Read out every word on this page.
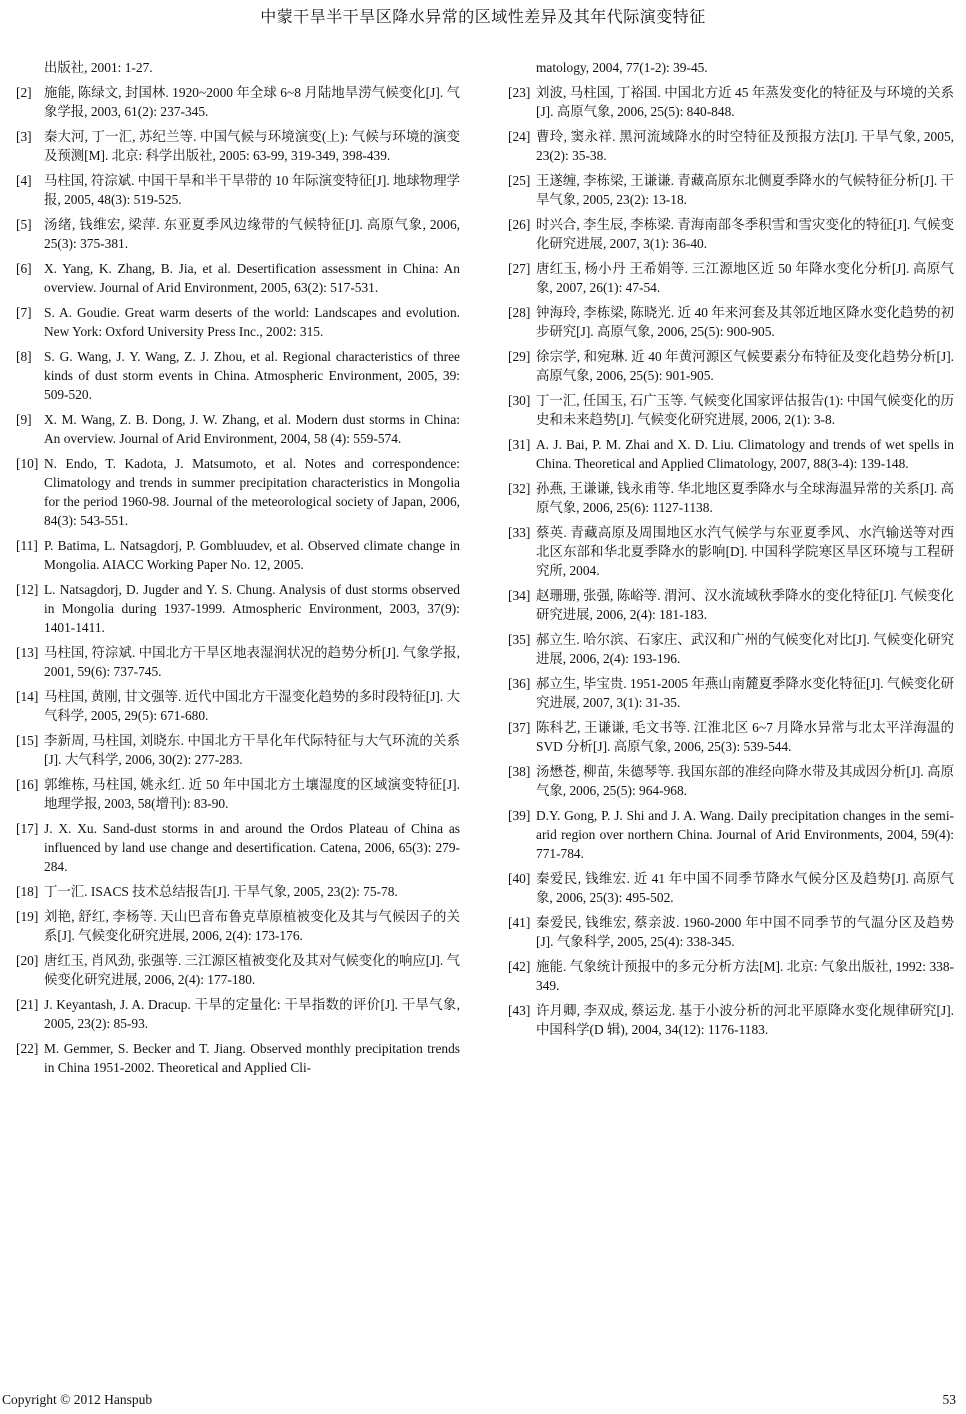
中蒙干旱半干旱区降水异常的区域性差异及其年代际演变特征
出版社, 2001: 1-27.
[2] 施能, 陈绿文, 封国林. 1920~2000 年全球 6~8 月陆地旱涝气候变化[J]. 气象学报, 2003, 61(2): 237-345.
[3] 秦大河, 丁一汇, 苏纪兰等. 中国气候与环境演变(上): 气候与环境的演变及预测[M]. 北京: 科学出版社, 2005: 63-99, 319-349, 398-439.
[4] 马柱国, 符淙斌. 中国干旱和半干旱带的 10 年际演变特征[J]. 地球物理学报, 2005, 48(3): 519-525.
[5] 汤绪, 钱维宏, 梁萍. 东亚夏季风边缘带的气候特征[J]. 高原气象, 2006, 25(3): 375-381.
[6] X. Yang, K. Zhang, B. Jia, et al. Desertification assessment in China: An overview. Journal of Arid Environment, 2005, 63(2): 517-531.
[7] S. A. Goudie. Great warm deserts of the world: Landscapes and evolution. New York: Oxford University Press Inc., 2002: 315.
[8] S. G. Wang, J. Y. Wang, Z. J. Zhou, et al. Regional characteristics of three kinds of dust storm events in China. Atmospheric Environment, 2005, 39: 509-520.
[9] X. M. Wang, Z. B. Dong, J. W. Zhang, et al. Modern dust storms in China: An overview. Journal of Arid Environment, 2004, 58 (4): 559-574.
[10] N. Endo, T. Kadota, J. Matsumoto, et al. Notes and correspondence: Climatology and trends in summer precipitation characteristics in Mongolia for the period 1960-98. Journal of the meteorological society of Japan, 2006, 84(3): 543-551.
[11] P. Batima, L. Natsagdorj, P. Gombluudev, et al. Observed climate change in Mongolia. AIACC Working Paper No. 12, 2005.
[12] L. Natsagdorj, D. Jugder and Y. S. Chung. Analysis of dust storms observed in Mongolia during 1937-1999. Atmospheric Environment, 2003, 37(9): 1401-1411.
[13] 马柱国, 符淙斌. 中国北方干旱区地表湿润状况的趋势分析[J]. 气象学报, 2001, 59(6): 737-745.
[14] 马柱国, 黄刚, 甘文强等. 近代中国北方干湿变化趋势的多时段特征[J]. 大气科学, 2005, 29(5): 671-680.
[15] 李新周, 马柱国, 刘晓东. 中国北方干旱化年代际特征与大气环流的关系[J]. 大气科学, 2006, 30(2): 277-283.
[16] 郭维栋, 马柱国, 姚永红. 近 50 年中国北方土壤湿度的区域演变特征[J]. 地理学报, 2003, 58(增刊): 83-90.
[17] J. X. Xu. Sand-dust storms in and around the Ordos Plateau of China as influenced by land use change and desertification. Catena, 2006, 65(3): 279-284.
[18] 丁一汇. ISACS 技术总结报告[J]. 干旱气象, 2005, 23(2): 75-78.
[19] 刘艳, 舒红, 李杨等. 天山巴音布鲁克草原植被变化及其与气候因子的关系[J]. 气候变化研究进展, 2006, 2(4): 173-176.
[20] 唐红玉, 肖风劲, 张强等. 三江源区植被变化及其对气候变化的响应[J]. 气候变化研究进展, 2006, 2(4): 177-180.
[21] J. Keyantash, J. A. Dracup. 干旱的定量化: 干旱指数的评价[J]. 干旱气象, 2005, 23(2): 85-93.
[22] M. Gemmer, S. Becker and T. Jiang. Observed monthly precipitation trends in China 1951-2002. Theoretical and Applied Cli-
matology, 2004, 77(1-2): 39-45.
[23] 刘波, 马柱国, 丁裕国. 中国北方近 45 年蒸发变化的特征及与环境的关系[J]. 高原气象, 2006, 25(5): 840-848.
[24] 曹玲, 窦永祥. 黑河流域降水的时空特征及预报方法[J]. 干旱气象, 2005, 23(2): 35-38.
[25] 王遂缠, 李栋梁, 王谦谦. 青藏高原东北侧夏季降水的气候特征分析[J]. 干旱气象, 2005, 23(2): 13-18.
[26] 时兴合, 李生辰, 李栋梁. 青海南部冬季积雪和雪灾变化的特征[J]. 气候变化研究进展, 2007, 3(1): 36-40.
[27] 唐红玉, 杨小丹 王希娟等. 三江源地区近 50 年降水变化分析[J]. 高原气象, 2007, 26(1): 47-54.
[28] 钟海玲, 李栋梁, 陈晓光. 近 40 年来河套及其邻近地区降水变化趋势的初步研究[J]. 高原气象, 2006, 25(5): 900-905.
[29] 徐宗学, 和宛琳. 近 40 年黄河源区气候要素分布特征及变化趋势分析[J]. 高原气象, 2006, 25(5): 901-905.
[30] 丁一汇, 任国玉, 石广玉等. 气候变化国家评估报告(1): 中国气候变化的历史和未来趋势[J]. 气候变化研究进展, 2006, 2(1): 3-8.
[31] A. J. Bai, P. M. Zhai and X. D. Liu. Climatology and trends of wet spells in China. Theoretical and Applied Climatology, 2007, 88(3-4): 139-148.
[32] 孙燕, 王谦谦, 钱永甫等. 华北地区夏季降水与全球海温异常的关系[J]. 高原气象, 2006, 25(6): 1127-1138.
[33] 蔡英. 青藏高原及周围地区水汽气候学与东亚夏季风、水汽输送等对西北区东部和华北夏季降水的影响[D]. 中国科学院寒区旱区环境与工程研究所, 2004.
[34] 赵珊珊, 张强, 陈峪等. 渭河、汉水流域秋季降水的变化特征[J]. 气候变化研究进展, 2006, 2(4): 181-183.
[35] 郝立生. 哈尔滨、石家庄、武汉和广州的气候变化对比[J]. 气候变化研究进展, 2006, 2(4): 193-196.
[36] 郝立生, 毕宝贵. 1951-2005 年燕山南麓夏季降水变化特征[J]. 气候变化研究进展, 2007, 3(1): 31-35.
[37] 陈科艺, 王谦谦, 毛文书等. 江淮北区 6~7 月降水异常与北太平洋海温的 SVD 分析[J]. 高原气象, 2006, 25(3): 539-544.
[38] 汤懋苍, 柳苗, 朱德琴等. 我国东部的准经向降水带及其成因分析[J]. 高原气象, 2006, 25(5): 964-968.
[39] D.Y. Gong, P. J. Shi and J. A. Wang. Daily precipitation changes in the semi-arid region over northern China. Journal of Arid Environments, 2004, 59(4): 771-784.
[40] 秦爱民, 钱维宏. 近 41 年中国不同季节降水气候分区及趋势[J]. 高原气象, 2006, 25(3): 495-502.
[41] 秦爱民, 钱维宏, 蔡亲波. 1960-2000 年中国不同季节的气温分区及趋势[J]. 气象科学, 2005, 25(4): 338-345.
[42] 施能. 气象统计预报中的多元分析方法[M]. 北京: 气象出版社, 1992: 338-349.
[43] 许月卿, 李双成, 蔡运龙. 基于小波分析的河北平原降水变化规律研究[J]. 中国科学(D 辑), 2004, 34(12): 1176-1183.
Copyright © 2012 Hanspub	53
